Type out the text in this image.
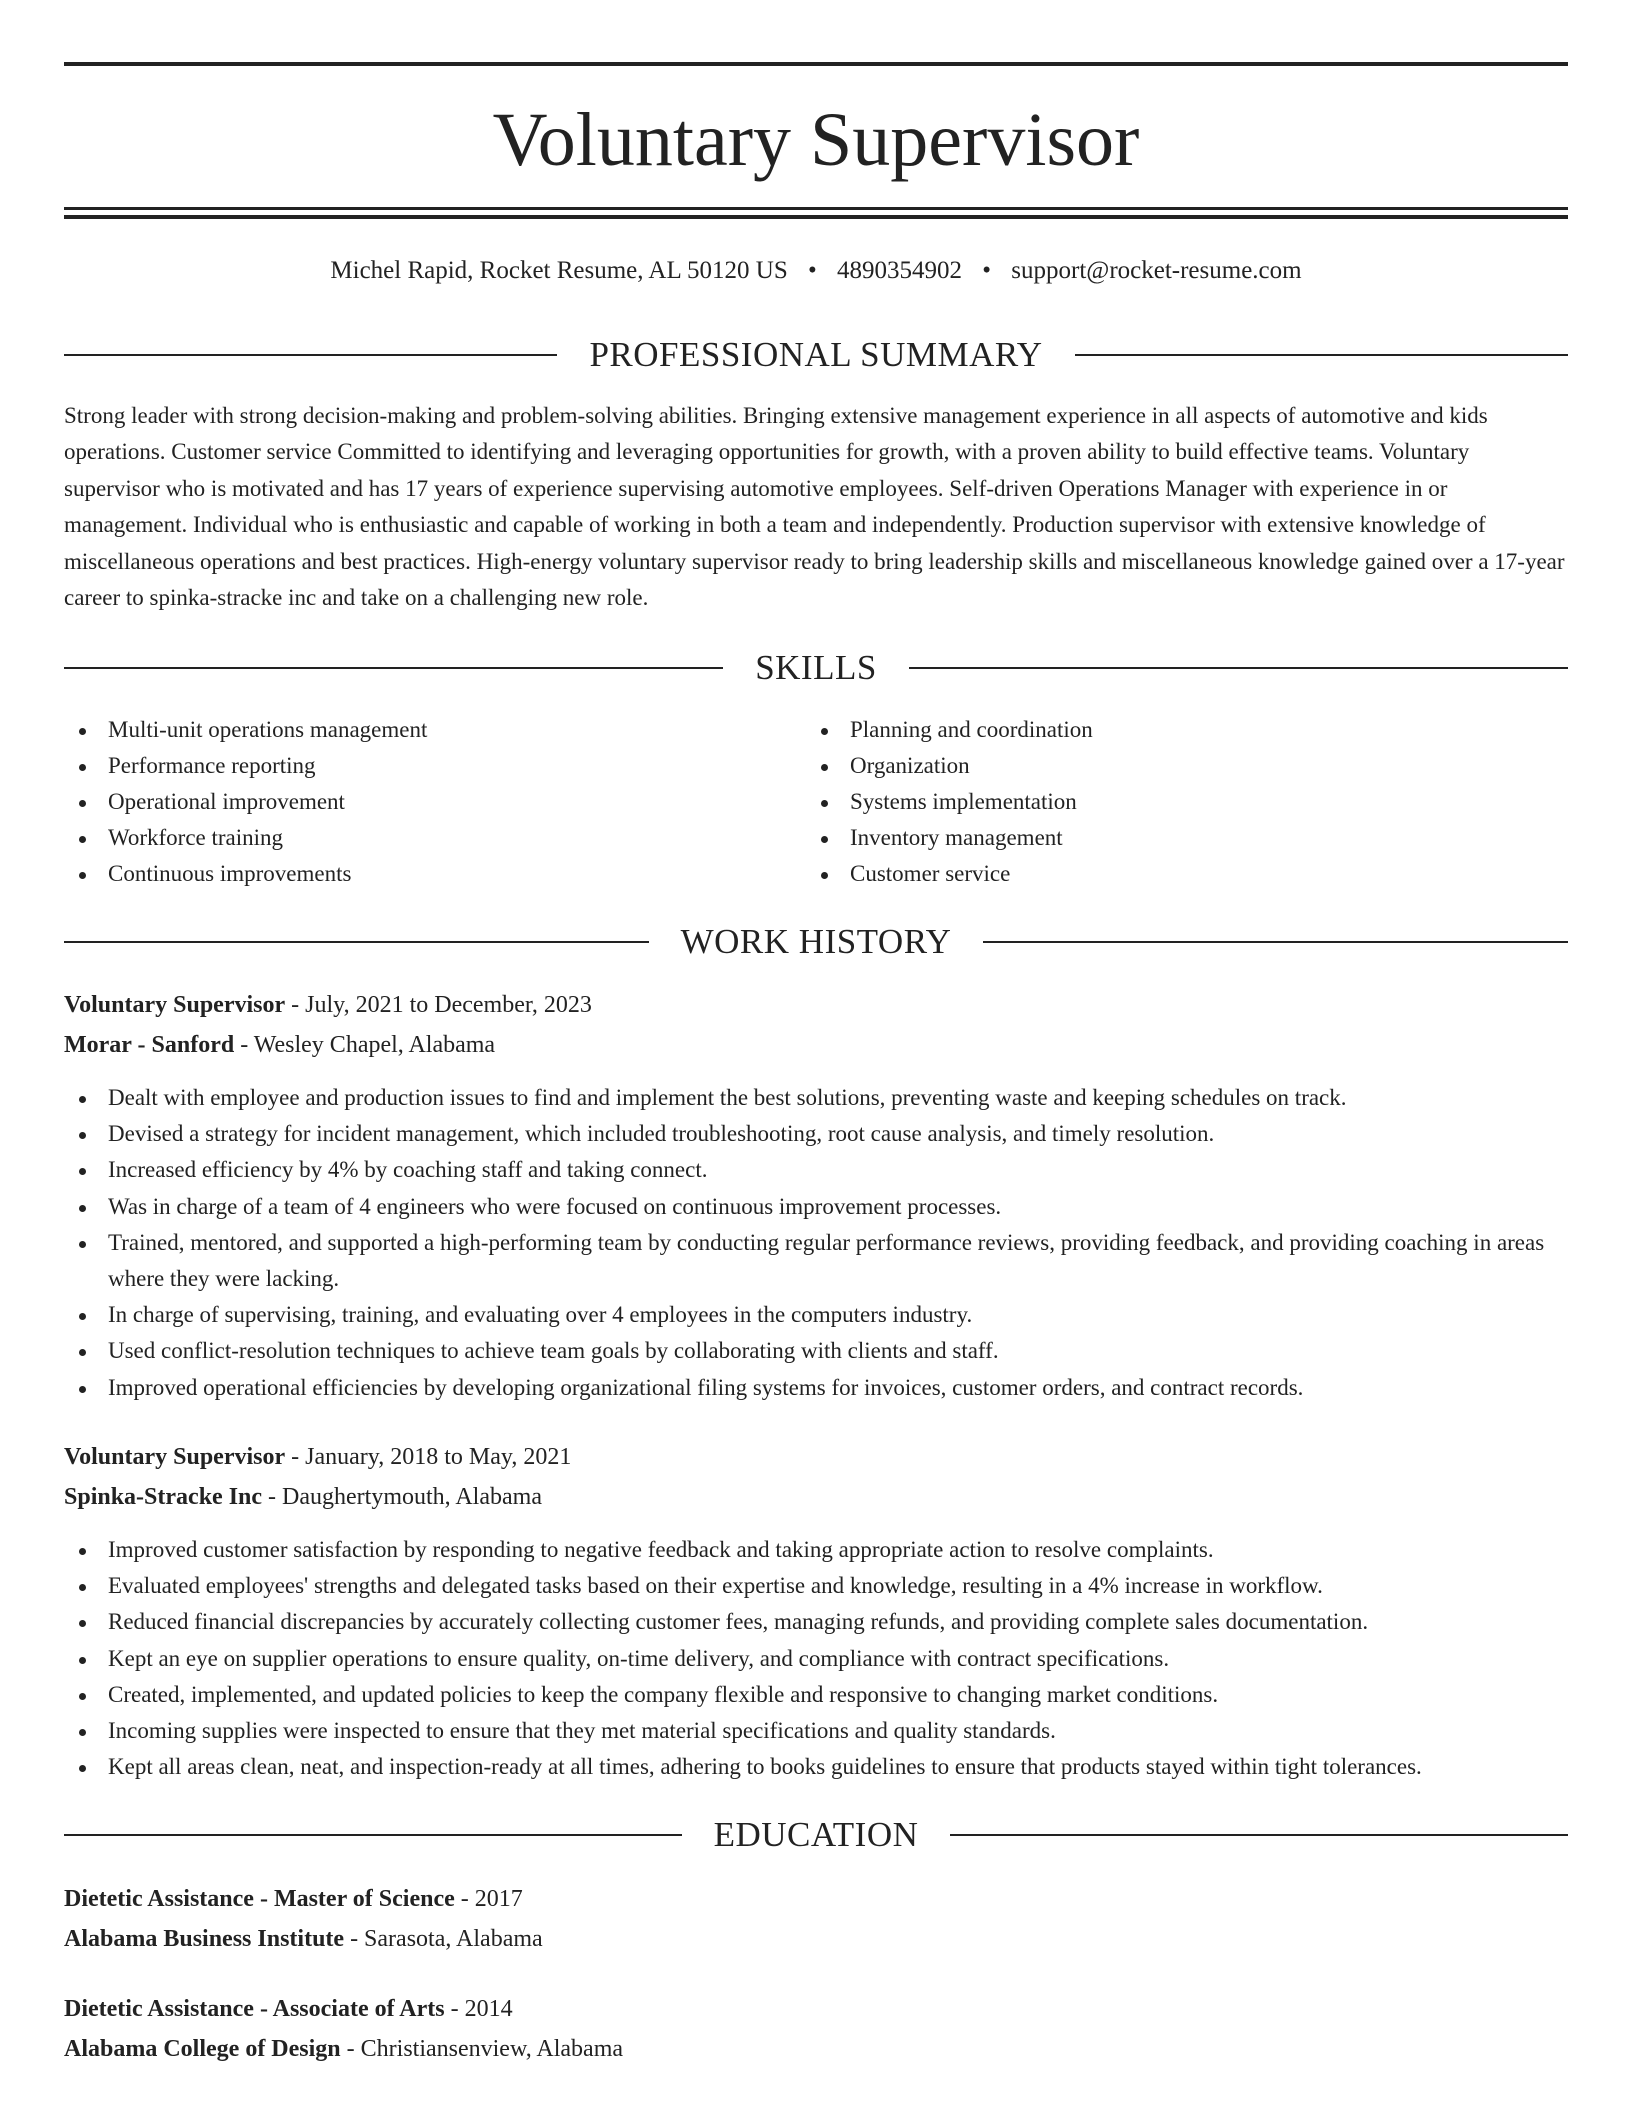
Voluntary Supervisor
Michel Rapid, Rocket Resume, AL 50120 US • 4890354902 • support@rocket-resume.com
PROFESSIONAL SUMMARY

Strong leader with strong decision-making and problem-solving abilities. Bringing extensive management experience in all aspects of automotive and kids operations. Customer service Committed to identifying and leveraging opportunities for growth, with a proven ability to build effective teams. Voluntary supervisor who is motivated and has 17 years of experience supervising automotive employees. Self-driven Operations Manager with experience in or management. Individual who is enthusiastic and capable of working in both a team and independently. Production supervisor with extensive knowledge of miscellaneous operations and best practices. High-energy voluntary supervisor ready to bring leadership skills and miscellaneous knowledge gained over a 17-year career to spinka-stracke inc and take on a challenging new role.

SKILLS
Multi-unit operations management
Performance reporting
Operational improvement
Workforce training
Continuous improvements
Planning and coordination
Organization
Systems implementation
Inventory management
Customer service
WORK HISTORY
Voluntary Supervisor - July, 2021 to December, 2023
Morar - Sanford - Wesley Chapel, Alabama
Dealt with employee and production issues to find and implement the best solutions, preventing waste and keeping schedules on track.
Devised a strategy for incident management, which included troubleshooting, root cause analysis, and timely resolution.
Increased efficiency by 4% by coaching staff and taking connect.
Was in charge of a team of 4 engineers who were focused on continuous improvement processes.
Trained, mentored, and supported a high-performing team by conducting regular performance reviews, providing feedback, and providing coaching in areas where they were lacking.
In charge of supervising, training, and evaluating over 4 employees in the computers industry.
Used conflict-resolution techniques to achieve team goals by collaborating with clients and staff.
Improved operational efficiencies by developing organizational filing systems for invoices, customer orders, and contract records.
Voluntary Supervisor - January, 2018 to May, 2021
Spinka-Stracke Inc - Daughertymouth, Alabama
Improved customer satisfaction by responding to negative feedback and taking appropriate action to resolve complaints.
Evaluated employees' strengths and delegated tasks based on their expertise and knowledge, resulting in a 4% increase in workflow.
Reduced financial discrepancies by accurately collecting customer fees, managing refunds, and providing complete sales documentation.
Kept an eye on supplier operations to ensure quality, on-time delivery, and compliance with contract specifications.
Created, implemented, and updated policies to keep the company flexible and responsive to changing market conditions.
Incoming supplies were inspected to ensure that they met material specifications and quality standards.
Kept all areas clean, neat, and inspection-ready at all times, adhering to books guidelines to ensure that products stayed within tight tolerances.
EDUCATION
Dietetic Assistance - Master of Science - 2017
Alabama Business Institute - Sarasota, Alabama
Dietetic Assistance - Associate of Arts - 2014
Alabama College of Design - Christiansenview, Alabama
